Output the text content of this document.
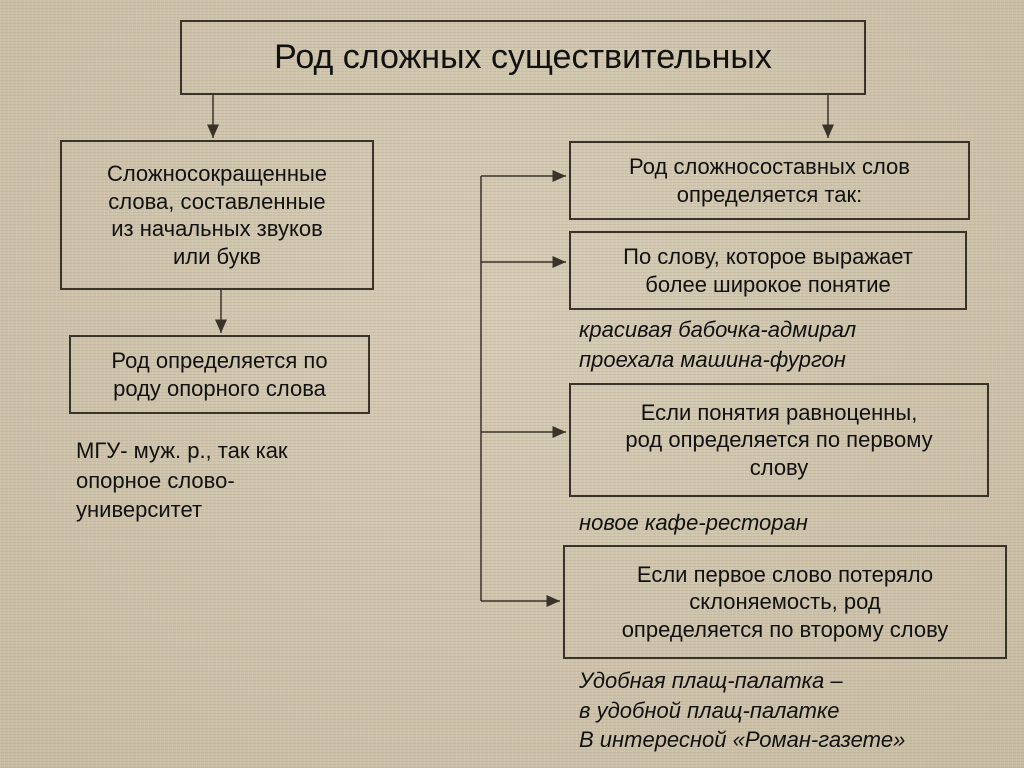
Род сложных существительных
Сложносокращенные
слова, составленные
из начальных звуков
или букв
Род определяется по
роду опорного слова
МГУ- муж. р., так как
опорное слово-
университет
Род сложносоставных слов
определяется так:
По слову, которое выражает
более широкое понятие
красивая бабочка-адмирал
проехала машина-фургон
Если понятия равноценны,
род определяется по первому
слову
новое кафе-ресторан
Если первое слово потеряло
склоняемость, род
определяется по второму слову
Удобная плащ-палатка –
в удобной плащ-палатке
В интересной «Роман-газете»
